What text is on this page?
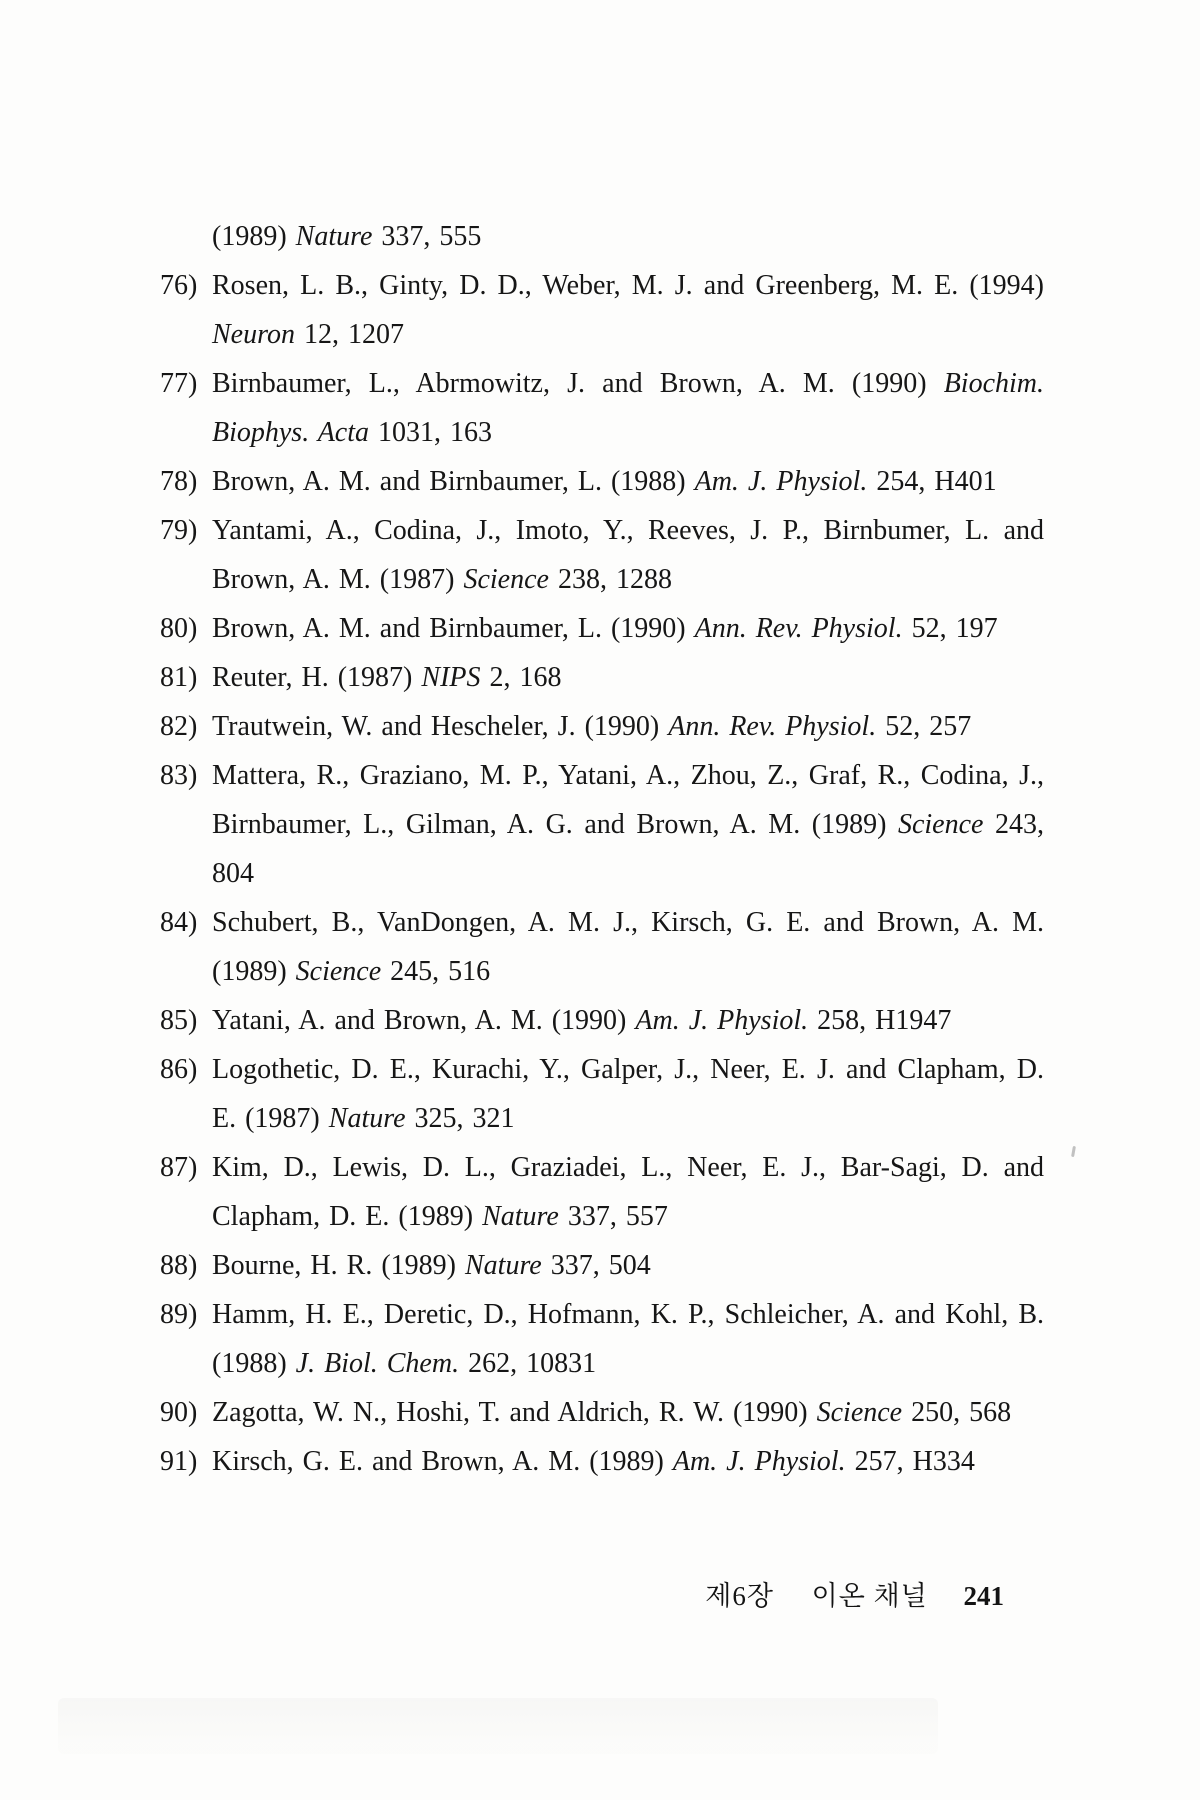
(1989) Nature 337, 555
76) Rosen, L. B., Ginty, D. D., Weber, M. J. and Greenberg, M. E. (1994)
Neuron 12, 1207
77) Birnbaumer, L., Abrmowitz, J. and Brown, A. M. (1990) Biochim.
Biophys. Acta 1031, 163
78) Brown, A. M. and Birnbaumer, L. (1988) Am. J. Physiol. 254, H401
79) Yantami, A., Codina, J., Imoto, Y., Reeves, J. P., Birnbumer, L. and
Brown, A. M. (1987) Science 238, 1288
80) Brown, A. M. and Birnbaumer, L. (1990) Ann. Rev. Physiol. 52, 197
81) Reuter, H. (1987) NIPS 2, 168
82) Trautwein, W. and Hescheler, J. (1990) Ann. Rev. Physiol. 52, 257
83) Mattera, R., Graziano, M. P., Yatani, A., Zhou, Z., Graf, R., Codina, J.,
Birnbaumer, L., Gilman, A. G. and Brown, A. M. (1989) Science 243,
804
84) Schubert, B., VanDongen, A. M. J., Kirsch, G. E. and Brown, A. M.
(1989) Science 245, 516
85) Yatani, A. and Brown, A. M. (1990) Am. J. Physiol. 258, H1947
86) Logothetic, D. E., Kurachi, Y., Galper, J., Neer, E. J. and Clapham, D.
E. (1987) Nature 325, 321
87) Kim, D., Lewis, D. L., Graziadei, L., Neer, E. J., Bar-Sagi, D. and
Clapham, D. E. (1989) Nature 337, 557
88) Bourne, H. R. (1989) Nature 337, 504
89) Hamm, H. E., Deretic, D., Hofmann, K. P., Schleicher, A. and Kohl, B.
(1988) J. Biol. Chem. 262, 10831
90) Zagotta, W. N., Hoshi, T. and Aldrich, R. W. (1990) Science 250, 568
91) Kirsch, G. E. and Brown, A. M. (1989) Am. J. Physiol. 257, H334
제6장 이온 채널 241
